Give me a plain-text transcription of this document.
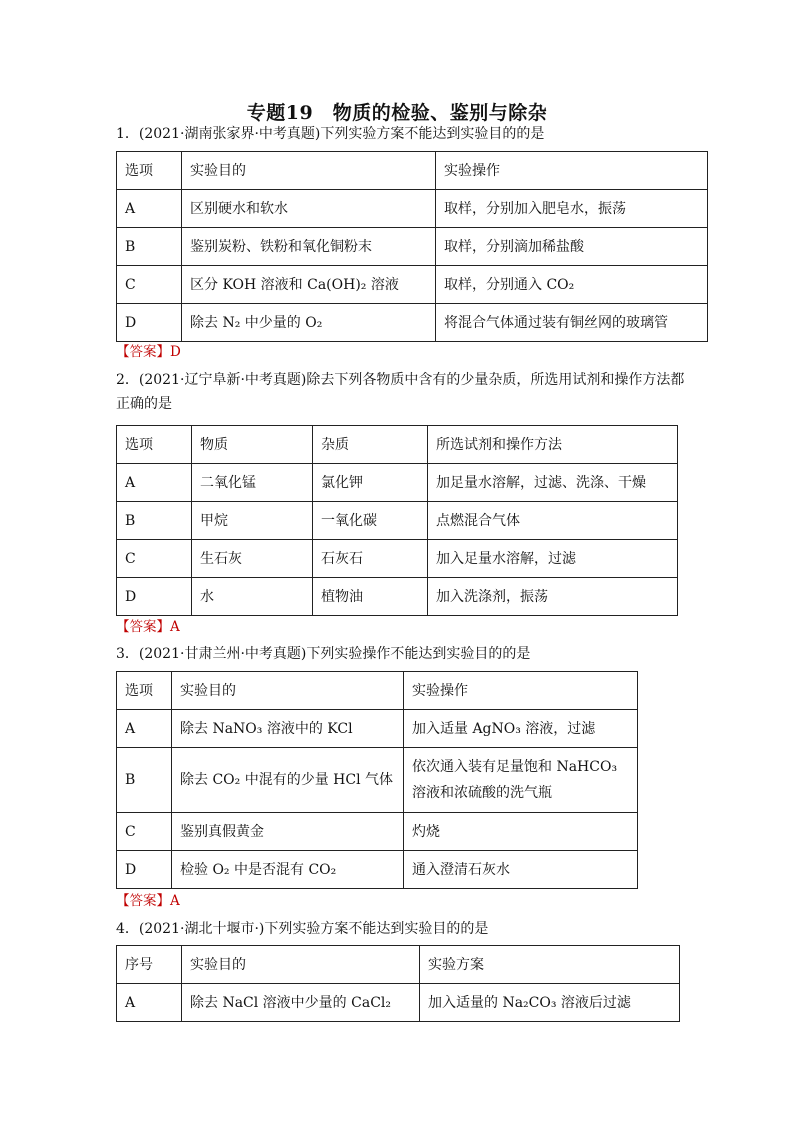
专题19　物质的检验、鉴别与除杂
1．(2021·湖南张家界·中考真题)下列实验方案不能达到实验目的的是
选项	实验目的	实验操作
A	区别硬水和软水	取样，分别加入肥皂水，振荡
B	鉴别炭粉、铁粉和氧化铜粉末	取样，分别滴加稀盐酸
C	区分 KOH 溶液和 Ca(OH)₂ 溶液	取样，分别通入 CO₂
D	除去 N₂ 中少量的 O₂	将混合气体通过装有铜丝网的玻璃管
【答案】D
2．(2021·辽宁阜新·中考真题)除去下列各物质中含有的少量杂质，所选用试剂和操作方法都正确的是
选项	物质	杂质	所选试剂和操作方法
A	二氧化锰	氯化钾	加足量水溶解，过滤、洗涤、干燥
B	甲烷	一氧化碳	点燃混合气体
C	生石灰	石灰石	加入足量水溶解，过滤
D	水	植物油	加入洗涤剂，振荡
【答案】A
3．(2021·甘肃兰州·中考真题)下列实验操作不能达到实验目的的是
选项	实验目的	实验操作
A	除去 NaNO₃ 溶液中的 KCl	加入适量 AgNO₃ 溶液，过滤
B	除去 CO₂ 中混有的少量 HCl 气体	依次通入装有足量饱和 NaHCO₃ 溶液和浓硫酸的洗气瓶
C	鉴别真假黄金	灼烧
D	检验 O₂ 中是否混有 CO₂	通入澄清石灰水
【答案】A
4．(2021·湖北十堰市·)下列实验方案不能达到实验目的的是
序号	实验目的	实验方案
A	除去 NaCl 溶液中少量的 CaCl₂	加入适量的 Na₂CO₃ 溶液后过滤
